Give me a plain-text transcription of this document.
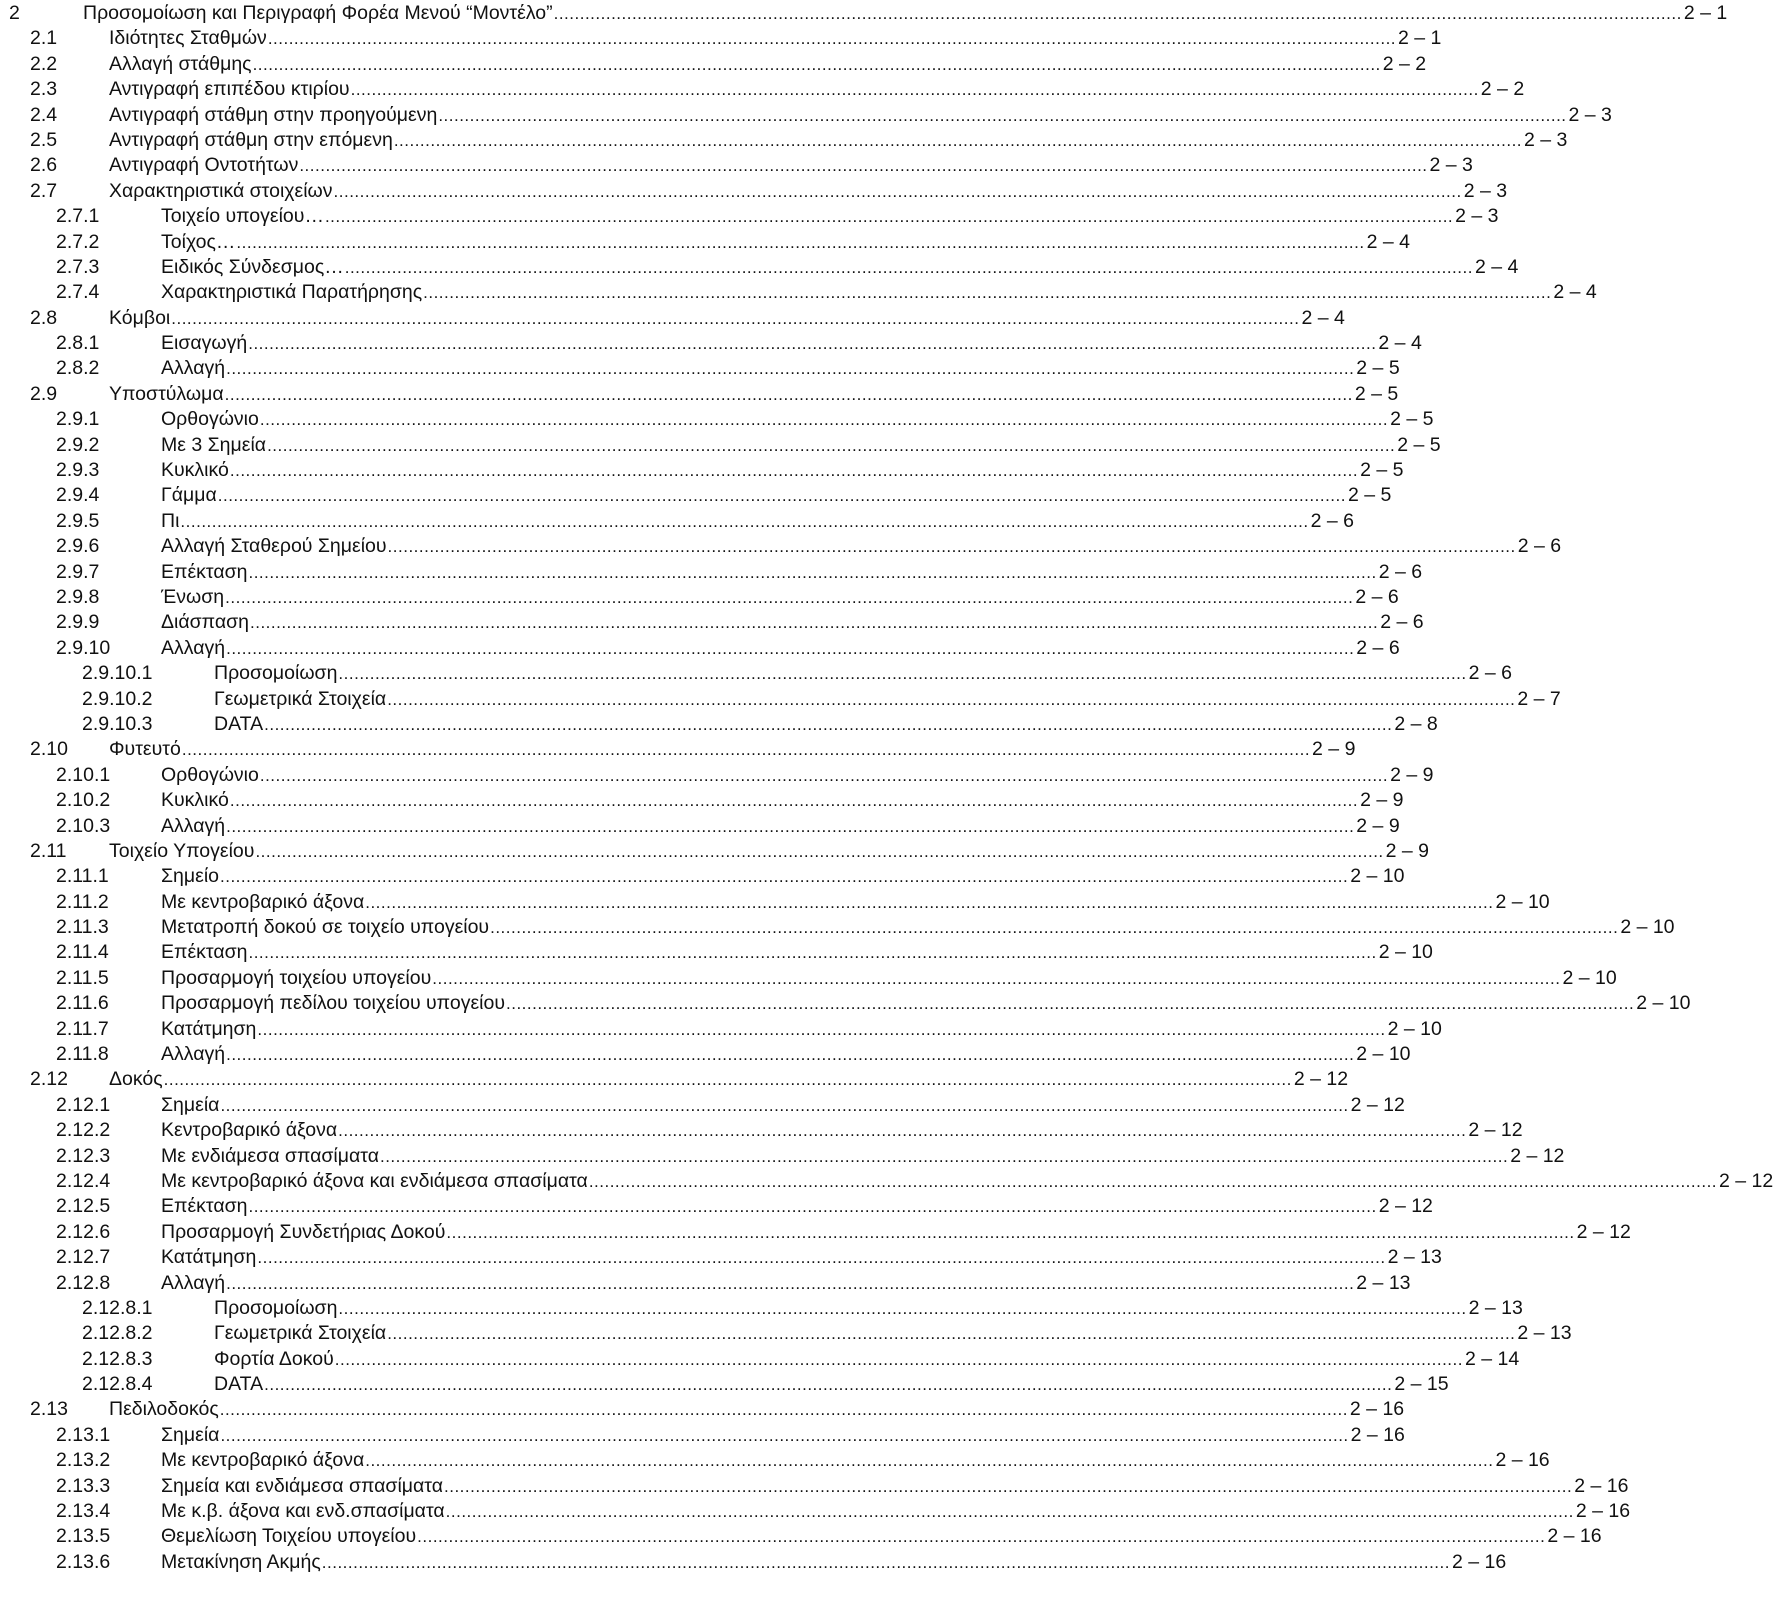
2	Προσομοίωση και Περιγραφή Φορέα Μενού “Μοντέλο” ........................................................................................................................................................................................................................ 2 – 1
2.1	Ιδιότητες Σταθμών ........................................................................................................................................................................................................................ 2 – 1
2.2	Αλλαγή στάθμης ........................................................................................................................................................................................................................ 2 – 2
2.3	Αντιγραφή επιπέδου κτιρίου ........................................................................................................................................................................................................................ 2 – 2
2.4	Αντιγραφή στάθμη στην προηγούμενη ........................................................................................................................................................................................................................ 2 – 3
2.5	Αντιγραφή στάθμη στην επόμενη ........................................................................................................................................................................................................................ 2 – 3
2.6	Αντιγραφή Οντοτήτων ........................................................................................................................................................................................................................ 2 – 3
2.7	Χαρακτηριστικά στοιχείων ........................................................................................................................................................................................................................ 2 – 3
2.7.1	Τοιχείο υπογείου… ........................................................................................................................................................................................................................ 2 – 3
2.7.2	Τοίχος… ........................................................................................................................................................................................................................ 2 – 4
2.7.3	Ειδικός Σύνδεσμος… ........................................................................................................................................................................................................................ 2 – 4
2.7.4	Χαρακτηριστικά Παρατήρησης ........................................................................................................................................................................................................................ 2 – 4
2.8	Κόμβοι ........................................................................................................................................................................................................................ 2 – 4
2.8.1	Εισαγωγή ........................................................................................................................................................................................................................ 2 – 4
2.8.2	Αλλαγή ........................................................................................................................................................................................................................ 2 – 5
2.9	Υποστύλωμα ........................................................................................................................................................................................................................ 2 – 5
2.9.1	Ορθογώνιο ........................................................................................................................................................................................................................ 2 – 5
2.9.2	Με 3 Σημεία ........................................................................................................................................................................................................................ 2 – 5
2.9.3	Κυκλικό ........................................................................................................................................................................................................................ 2 – 5
2.9.4	Γάμμα ........................................................................................................................................................................................................................ 2 – 5
2.9.5	Πι ........................................................................................................................................................................................................................ 2 – 6
2.9.6	Αλλαγή Σταθερού Σημείου ........................................................................................................................................................................................................................ 2 – 6
2.9.7	Επέκταση ........................................................................................................................................................................................................................ 2 – 6
2.9.8	Ένωση ........................................................................................................................................................................................................................ 2 – 6
2.9.9	Διάσπαση ........................................................................................................................................................................................................................ 2 – 6
2.9.10	Αλλαγή ........................................................................................................................................................................................................................ 2 – 6
2.9.10.1	Προσομοίωση ........................................................................................................................................................................................................................ 2 – 6
2.9.10.2	Γεωμετρικά Στοιχεία ........................................................................................................................................................................................................................ 2 – 7
2.9.10.3	DATA ........................................................................................................................................................................................................................ 2 – 8
2.10 Φυτευτό ........................................................................................................................................................................................................................ 2 – 9
2.10.1	Ορθογώνιο ........................................................................................................................................................................................................................ 2 – 9
2.10.2	Κυκλικό ........................................................................................................................................................................................................................ 2 – 9
2.10.3	Αλλαγή ........................................................................................................................................................................................................................ 2 – 9
2.11 Τοιχείο Υπογείου ........................................................................................................................................................................................................................ 2 – 9
2.11.1	Σημείο ........................................................................................................................................................................................................................ 2 – 10
2.11.2	Με κεντροβαρικό άξονα ........................................................................................................................................................................................................................ 2 – 10
2.11.3	Μετατροπή δοκού σε τοιχείο υπογείου ........................................................................................................................................................................................................................ 2 – 10
2.11.4	Επέκταση ........................................................................................................................................................................................................................ 2 – 10
2.11.5	Προσαρμογή τοιχείου υπογείου ........................................................................................................................................................................................................................ 2 – 10
2.11.6	Προσαρμογή πεδίλου τοιχείου υπογείου ........................................................................................................................................................................................................................ 2 – 10
2.11.7	Κατάτμηση ........................................................................................................................................................................................................................ 2 – 10
2.11.8	Αλλαγή ........................................................................................................................................................................................................................ 2 – 10
2.12 Δοκός ........................................................................................................................................................................................................................ 2 – 12
2.12.1	Σημεία ........................................................................................................................................................................................................................ 2 – 12
2.12.2	Κεντροβαρικό άξονα ........................................................................................................................................................................................................................ 2 – 12
2.12.3	Με ενδιάμεσα σπασίματα ........................................................................................................................................................................................................................ 2 – 12
2.12.4	Με κεντροβαρικό άξονα και ενδιάμεσα σπασίματα ........................................................................................................................................................................................................................ 2 – 12
2.12.5	Επέκταση ........................................................................................................................................................................................................................ 2 – 12
2.12.6	Προσαρμογή Συνδετήριας Δοκού ........................................................................................................................................................................................................................ 2 – 12
2.12.7	Κατάτμηση ........................................................................................................................................................................................................................ 2 – 13
2.12.8	Αλλαγή ........................................................................................................................................................................................................................ 2 – 13
2.12.8.1	Προσομοίωση ........................................................................................................................................................................................................................ 2 – 13
2.12.8.2	Γεωμετρικά Στοιχεία ........................................................................................................................................................................................................................ 2 – 13
2.12.8.3	Φορτία Δοκού ........................................................................................................................................................................................................................ 2 – 14
2.12.8.4	DATA ........................................................................................................................................................................................................................ 2 – 15
2.13 Πεδιλοδοκός ........................................................................................................................................................................................................................ 2 – 16
2.13.1	Σημεία ........................................................................................................................................................................................................................ 2 – 16
2.13.2	Με κεντροβαρικό άξονα ........................................................................................................................................................................................................................ 2 – 16
2.13.3	Σημεία και ενδιάμεσα σπασίματα ........................................................................................................................................................................................................................ 2 – 16
2.13.4	Με κ.β. άξονα και ενδ.σπασίματα ........................................................................................................................................................................................................................ 2 – 16
2.13.5	Θεμελίωση Τοιχείου υπογείου ........................................................................................................................................................................................................................ 2 – 16
2.13.6	Μετακίνηση Ακμής ........................................................................................................................................................................................................................ 2 – 16
